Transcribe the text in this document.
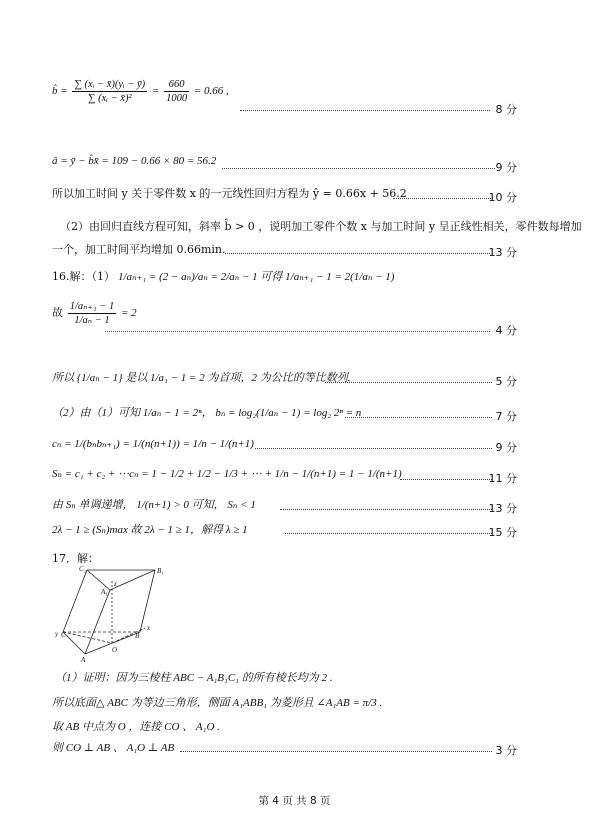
b̂ = $\frac{\text{∑ (xᵢ − x̄)(yᵢ − ȳ)}}{\text{∑ (xᵢ − x̄)²}} = \frac{660}{1000} = 0.66$ ,
8 分
â = ȳ − b̂x̄ = 109 − 0.66 × 80 = 56.2	9 分
所以加工时间 y 关于零件数 x 的一元线性回归方程为 ŷ = 0.66x + 56.2	10 分
（2）由回归直线方程可知，斜率 b̂ > 0 ，说明加工零件个数 x 与加工时间 y 呈正线性相关，零件数每增加
一个，加工时间平均增加 0.66min.	13 分
16.解：（1） 1/aₙ₊₁ = (2 − aₙ)/aₙ = 2/aₙ − 1 可得 1/aₙ₊₁ − 1 = 2(1/aₙ − 1)
故 $\frac{\text{1/aₙ₊₁ − 1}}{\text{1/aₙ − 1}} = 2$
4 分
所以 {1/aₙ − 1} 是以 1/a₁ − 1 = 2 为首项，2 为公比的等比数列.	5 分
（2）由（1）可知 1/aₙ − 1 = 2ⁿ， bₙ = log₂(1/aₙ − 1) = log₂ 2ⁿ = n	7 分
cₙ = 1/(bₙbₙ₊₁) = 1/(n(n+1)) = 1/n − 1/(n+1)	9 分
Sₙ = c₁ + c₂ + ⋯cₙ = 1 − 1/2 + 1/2 − 1/3 + ⋯ + 1/n − 1/(n+1) = 1 − 1/(n+1)	11 分
由 Sₙ 单调递增， 1/(n+1) > 0 可知， Sₙ < 1	13 分
2λ − 1 ≥ (Sₙ)max 故 2λ − 1 ≥ 1，解得 λ ≥ 1	15 分
17．解：
C₁	B₁
A₁
z
y C
O
B
x
A
（1）证明：因为三棱柱 ABC − A₁B₁C₁ 的所有棱长均为 2 .
所以底面△ ABC 为等边三角形，侧面 A₁ABB₁ 为菱形且 ∠A₁AB = π/3 .
取 AB 中点为 O ，连接 CO 、 A₁O .
则 CO ⊥ AB 、 A₁O ⊥ AB	3 分
第 4 页 共 8 页
